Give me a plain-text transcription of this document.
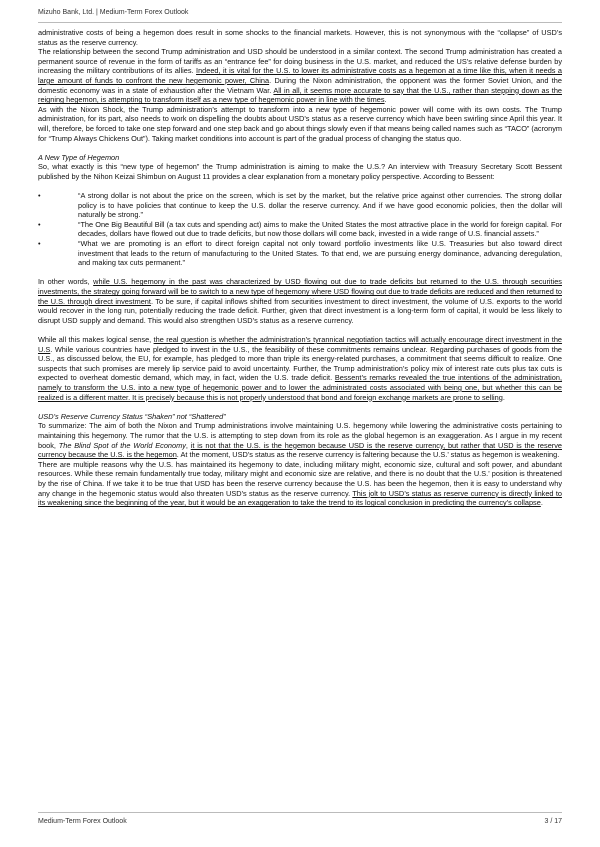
Mizuho Bank, Ltd. | Medium-Term Forex Outlook

administrative costs of being a hegemon does result in some shocks to the financial markets. However, this is not synonymous with the “collapse” of USD’s status as the reserve currency.

The relationship between the second Trump administration and USD should be understood in a similar context. The second Trump administration has created a permanent source of revenue in the form of tariffs as an “entrance fee” for doing business in the U.S. market, and reduced the US’s relative defense burden by increasing the military contributions of its allies. Indeed, it is vital for the U.S. to lower its administrative costs as a hegemon at a time like this, when it needs a large amount of funds to confront the new hegemonic power, China. During the Nixon administration, the opponent was the former Soviet Union, and the domestic economy was in a state of exhaustion after the Vietnam War. All in all, it seems more accurate to say that the U.S., rather than stepping down as the reigning hegemon, is attempting to transform itself as a new type of hegemonic power in line with the times.

As with the Nixon Shock, the Trump administration’s attempt to transform into a new type of hegemonic power will come with its own costs. The Trump administration, for its part, also needs to work on dispelling the doubts about USD’s status as a reserve currency which have been swirling since April this year. It will, therefore, be forced to take one step forward and one step back and go about things slowly even if that means being called names such as “TACO” (acronym for “Trump Always Chickens Out”). Taking market conditions into account is part of the gradual process of changing the status quo.

A New Type of Hegemon

So, what exactly is this “new type of hegemon” the Trump administration is aiming to make the U.S.? An interview with Treasury Secretary Scott Bessent published by the Nihon Keizai Shimbun on August 11 provides a clear explanation from a monetary policy perspective. According to Bessent:

•	“A strong dollar is not about the price on the screen, which is set by the market, but the relative price against other currencies. The strong dollar policy is to have policies that continue to keep the U.S. dollar the reserve currency. And if we have good economic policies, then the dollar will naturally be strong.”
•	“The One Big Beautiful Bill (a tax cuts and spending act) aims to make the United States the most attractive place in the world for foreign capital. For decades, dollars have flowed out due to trade deficits, but now those dollars will come back, invested in a wide range of U.S. financial assets.”
•	“What we are promoting is an effort to direct foreign capital not only toward portfolio investments like U.S. Treasuries but also toward direct investment that leads to the return of manufacturing to the United States. To that end, we are pursuing energy dominance, advancing deregulation, and making tax cuts permanent.”

In other words, while U.S. hegemony in the past was characterized by USD flowing out due to trade deficits but returned to the U.S. through securities investments, the strategy going forward will be to switch to a new type of hegemony where USD flowing out due to trade deficits are reduced and then returned to the U.S. through direct investment. To be sure, if capital inflows shifted from securities investment to direct investment, the volume of U.S. exports to the world would recover in the long run, potentially reducing the trade deficit. Further, given that direct investment is a long-term form of capital, it would be less likely to disrupt USD supply and demand. This would also strengthen USD’s status as a reserve currency.

While all this makes logical sense, the real question is whether the administration’s tyrannical negotiation tactics will actually encourage direct investment in the U.S. While various countries have pledged to invest in the U.S., the feasibility of these commitments remains unclear. Regarding purchases of goods from the U.S., as discussed below, the EU, for example, has pledged to more than triple its energy-related purchases, a commitment that seems difficult to realize. One suspects that such promises are merely lip service paid to avoid uncertainty. Further, the Trump administration’s policy mix of interest rate cuts plus tax cuts is expected to overheat domestic demand, which may, in fact, widen the U.S. trade deficit. Bessent’s remarks revealed the true intentions of the administration, namely to transform the U.S. into a new type of hegemonic power and to lower the administrated costs associated with being one, but whether this can be realized is a different matter. It is precisely because this is not properly understood that bond and foreign exchange markets are prone to selling.

USD’s Reserve Currency Status “Shaken” not “Shattered”

To summarize: The aim of both the Nixon and Trump administrations involve maintaining U.S. hegemony while lowering the administrative costs pertaining to maintaining this hegemony. The rumor that the U.S. is attempting to step down from its role as the global hegemon is an exaggeration. As I argue in my recent book, The Blind Spot of the World Economy, it is not that the U.S. is the hegemon because USD is the reserve currency, but rather that USD is the reserve currency because the U.S. is the hegemon. At the moment, USD’s status as the reserve currency is faltering because the U.S.’ status as hegemon is weakening.

There are multiple reasons why the U.S. has maintained its hegemony to date, including military might, economic size, cultural and soft power, and abundant resources. While these remain fundamentally true today, military might and economic size are relative, and there is no doubt that the U.S.’ position is threatened by the rise of China. If we take it to be true that USD has been the reserve currency because the U.S. has been the hegemon, then it is easy to understand why any change in the hegemonic status would also threaten USD’s status as the reserve currency. This jolt to USD’s status as reserve currency is directly linked to its weakening since the beginning of the year, but it would be an exaggeration to take the trend to its logical conclusion in predicting the currency’s collapse.

Medium-Term Forex Outlook	3 / 17
